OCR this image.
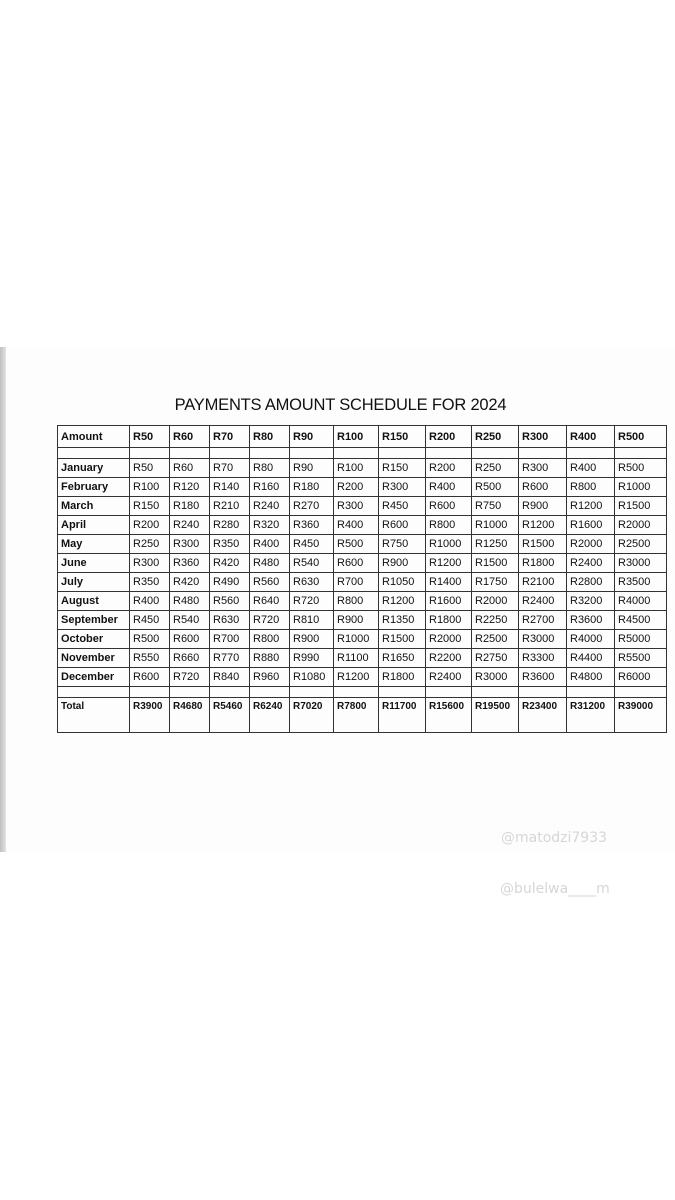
PAYMENTS AMOUNT SCHEDULE FOR 2024
Amount	R50	R60	R70	R80	R90	R100	R150	R200	R250	R300	R400	R500

January	R50	R60	R70	R80	R90	R100	R150	R200	R250	R300	R400	R500
February	R100	R120	R140	R160	R180	R200	R300	R400	R500	R600	R800	R1000
March	R150	R180	R210	R240	R270	R300	R450	R600	R750	R900	R1200	R1500
April	R200	R240	R280	R320	R360	R400	R600	R800	R1000	R1200	R1600	R2000
May	R250	R300	R350	R400	R450	R500	R750	R1000	R1250	R1500	R2000	R2500
June	R300	R360	R420	R480	R540	R600	R900	R1200	R1500	R1800	R2400	R3000
July	R350	R420	R490	R560	R630	R700	R1050	R1400	R1750	R2100	R2800	R3500
August	R400	R480	R560	R640	R720	R800	R1200	R1600	R2000	R2400	R3200	R4000
September	R450	R540	R630	R720	R810	R900	R1350	R1800	R2250	R2700	R3600	R4500
October	R500	R600	R700	R800	R900	R1000	R1500	R2000	R2500	R3000	R4000	R5000
November	R550	R660	R770	R880	R990	R1100	R1650	R2200	R2750	R3300	R4400	R5500
December	R600	R720	R840	R960	R1080	R1200	R1800	R2400	R3000	R3600	R4800	R6000

Total	R3900	R4680	R5460	R6240	R7020	R7800	R11700	R15600	R19500	R23400	R31200	R39000
@matodzi7933
@bulelwa____m
